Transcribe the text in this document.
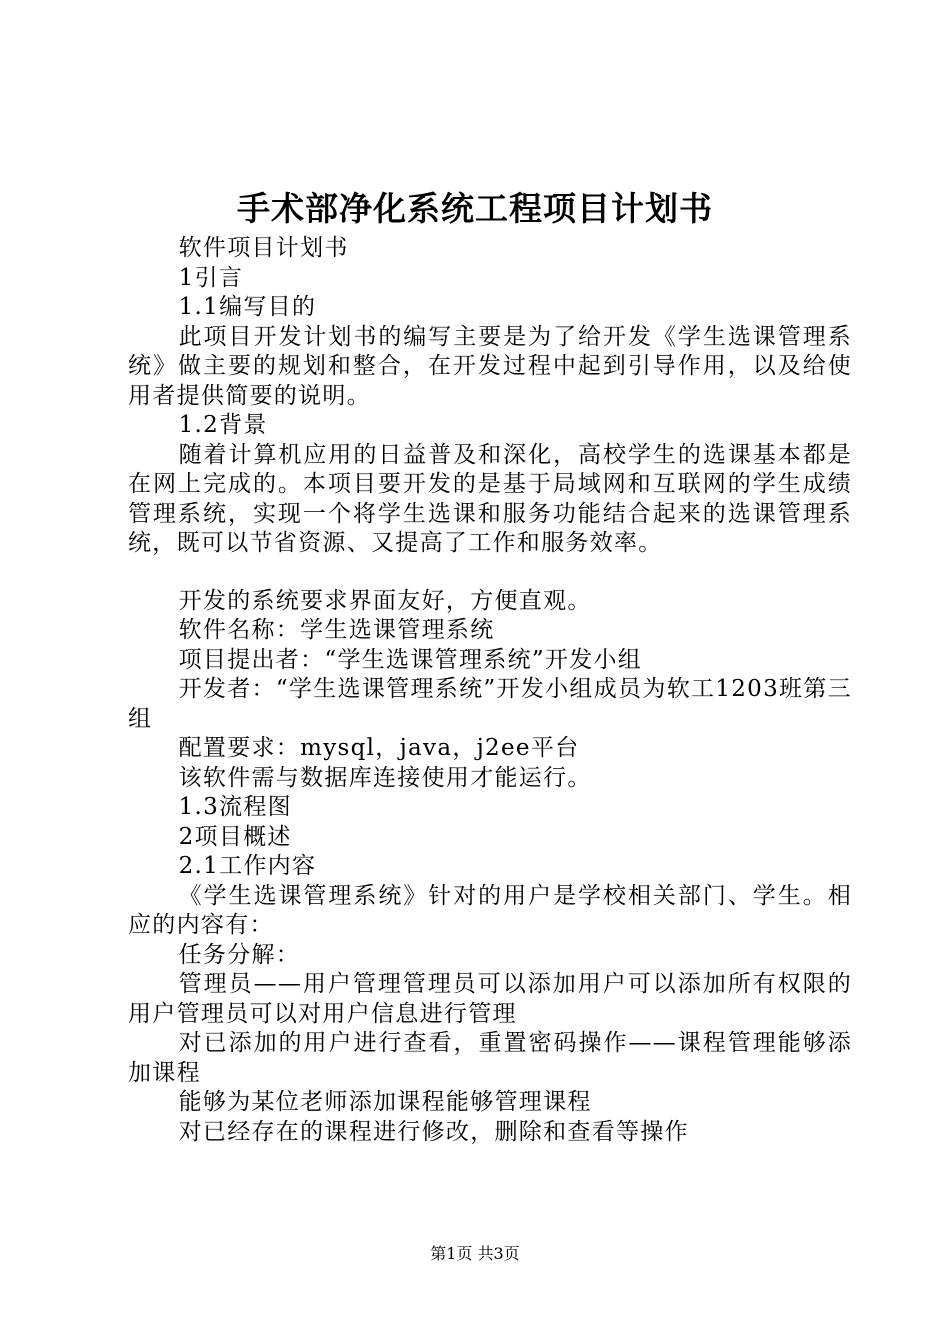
手术部净化系统工程项目计划书

软件项目计划书

1引言

1.1编写目的

此项目开发计划书的编写主要是为了给开发《学生选课管理系统》做主要的规划和整合，在开发过程中起到引导作用，以及给使用者提供简要的说明。

1.2背景

随着计算机应用的日益普及和深化，高校学生的选课基本都是在网上完成的。本项目要开发的是基于局域网和互联网的学生成绩管理系统，实现一个将学生选课和服务功能结合起来的选课管理系统，既可以节省资源、又提高了工作和服务效率。

开发的系统要求界面友好，方便直观。

软件名称：学生选课管理系统

项目提出者：“学生选课管理系统”开发小组

开发者：“学生选课管理系统”开发小组成员为软工1203班第三组

配置要求：mysql，java，j2ee平台

该软件需与数据库连接使用才能运行。

1.3流程图

2项目概述

2.1工作内容

《学生选课管理系统》针对的用户是学校相关部门、学生。相应的内容有：

任务分解：

管理员——用户管理管理员可以添加用户可以添加所有权限的用户管理员可以对用户信息进行管理

对已添加的用户进行查看，重置密码操作——课程管理能够添加课程

能够为某位老师添加课程能够管理课程

对已经存在的课程进行修改，删除和查看等操作

第1页 共3页
